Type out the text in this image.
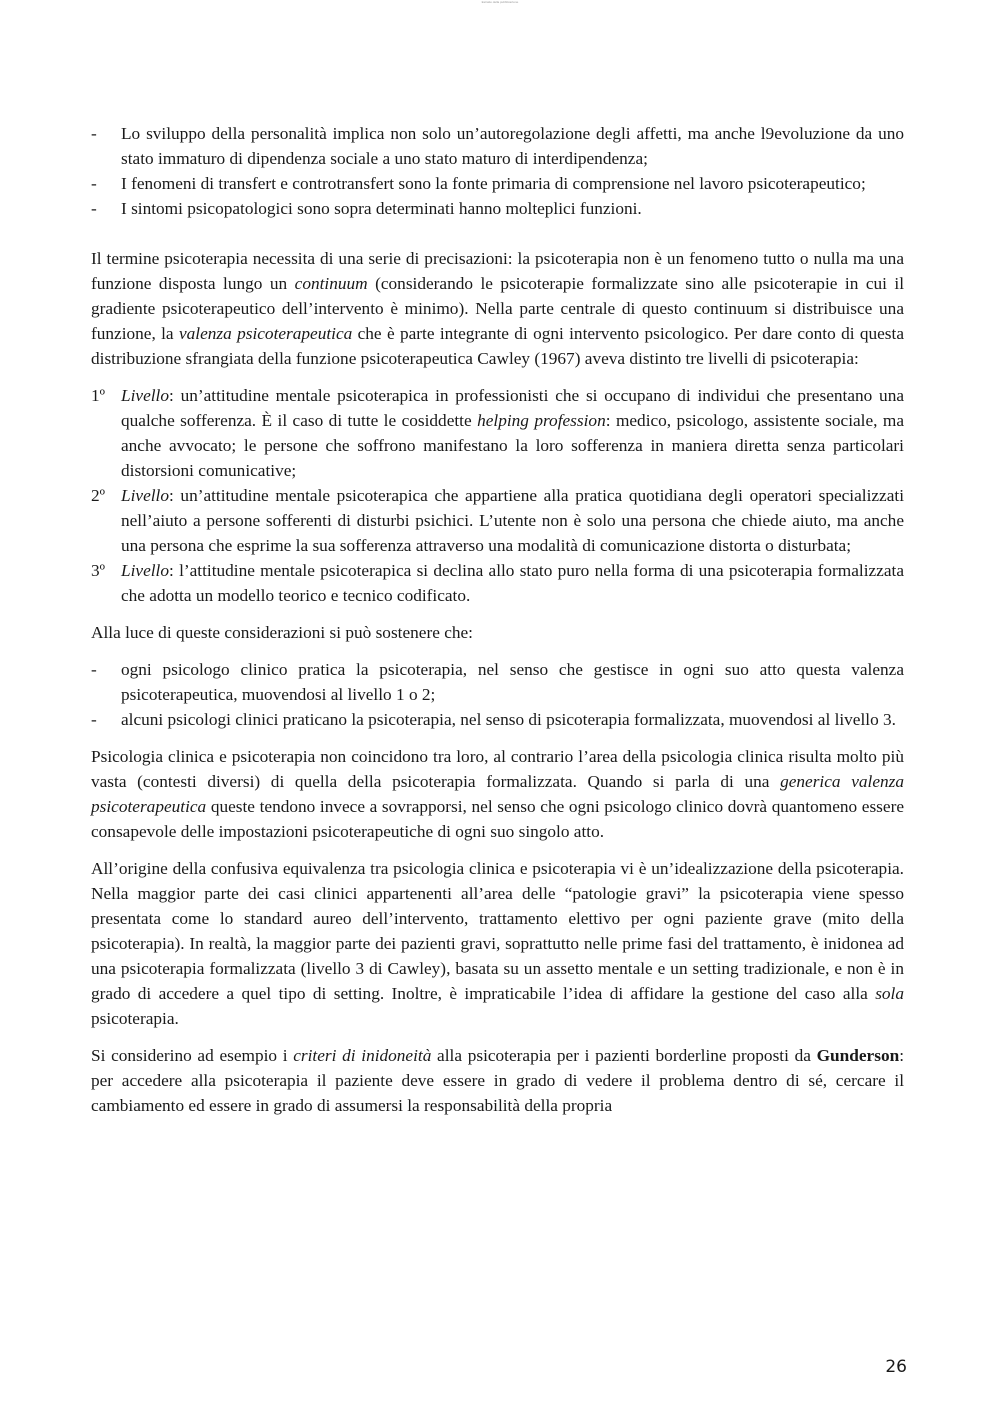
Estratto della pubblicazione
-	Lo sviluppo della personalità implica non solo un’autoregolazione degli affetti, ma anche l9evoluzione da uno stato immaturo di dipendenza sociale a uno stato maturo di interdipendenza;
-	I fenomeni di transfert e controtransfert sono la fonte primaria di comprensione nel lavoro psicoterapeutico;
-	I sintomi psicopatologici sono sopra determinati hanno molteplici funzioni.

Il termine psicoterapia necessita di una serie di precisazioni: la psicoterapia non è un fenomeno tutto o nulla ma una funzione disposta lungo un continuum (considerando le psicoterapie formalizzate sino alle psicoterapie in cui il gradiente psicoterapeutico dell’intervento è minimo). Nella parte centrale di questo continuum si distribuisce una funzione, la valenza psicoterapeutica che è parte integrante di ogni intervento psicologico. Per dare conto di questa distribuzione sfrangiata della funzione psicoterapeutica Cawley (1967) aveva distinto tre livelli di psicoterapia:

1º Livello: un’attitudine mentale psicoterapica in professionisti che si occupano di individui che presentano una qualche sofferenza. È il caso di tutte le cosiddette helping profession: medico, psicologo, assistente sociale, ma anche avvocato; le persone che soffrono manifestano la loro sofferenza in maniera diretta senza particolari distorsioni comunicative;
2º Livello: un’attitudine mentale psicoterapica che appartiene alla pratica quotidiana degli operatori specializzati nell’aiuto a persone sofferenti di disturbi psichici. L’utente non è solo una persona che chiede aiuto, ma anche una persona che esprime la sua sofferenza attraverso una modalità di comunicazione distorta o disturbata;
3º Livello: l’attitudine mentale psicoterapica si declina allo stato puro nella forma di una psicoterapia formalizzata che adotta un modello teorico e tecnico codificato.

Alla luce di queste considerazioni si può sostenere che:

-	ogni psicologo clinico pratica la psicoterapia, nel senso che gestisce in ogni suo atto questa valenza psicoterapeutica, muovendosi al livello 1 o 2;
-	alcuni psicologi clinici praticano la psicoterapia, nel senso di psicoterapia formalizzata, muovendosi al livello 3.

Psicologia clinica e psicoterapia non coincidono tra loro, al contrario l’area della psicologia clinica risulta molto più vasta (contesti diversi) di quella della psicoterapia formalizzata. Quando si parla di una generica valenza psicoterapeutica queste tendono invece a sovrapporsi, nel senso che ogni psicologo clinico dovrà quantomeno essere consapevole delle impostazioni psicoterapeutiche di ogni suo singolo atto.

All’origine della confusiva equivalenza tra psicologia clinica e psicoterapia vi è un’idealizzazione della psicoterapia. Nella maggior parte dei casi clinici appartenenti all’area delle “patologie gravi” la psicoterapia viene spesso presentata come lo standard aureo dell’intervento, trattamento elettivo per ogni paziente grave (mito della psicoterapia). In realtà, la maggior parte dei pazienti gravi, soprattutto nelle prime fasi del trattamento, è inidonea ad una psicoterapia formalizzata (livello 3 di Cawley), basata su un assetto mentale e un setting tradizionale, e non è in grado di accedere a quel tipo di setting. Inoltre, è impraticabile l’idea di affidare la gestione del caso alla sola psicoterapia.

Si considerino ad esempio i criteri di inidoneità alla psicoterapia per i pazienti borderline proposti da Gunderson: per accedere alla psicoterapia il paziente deve essere in grado di vedere il problema dentro di sé, cercare il cambiamento ed essere in grado di assumersi la responsabilità della propria

26
